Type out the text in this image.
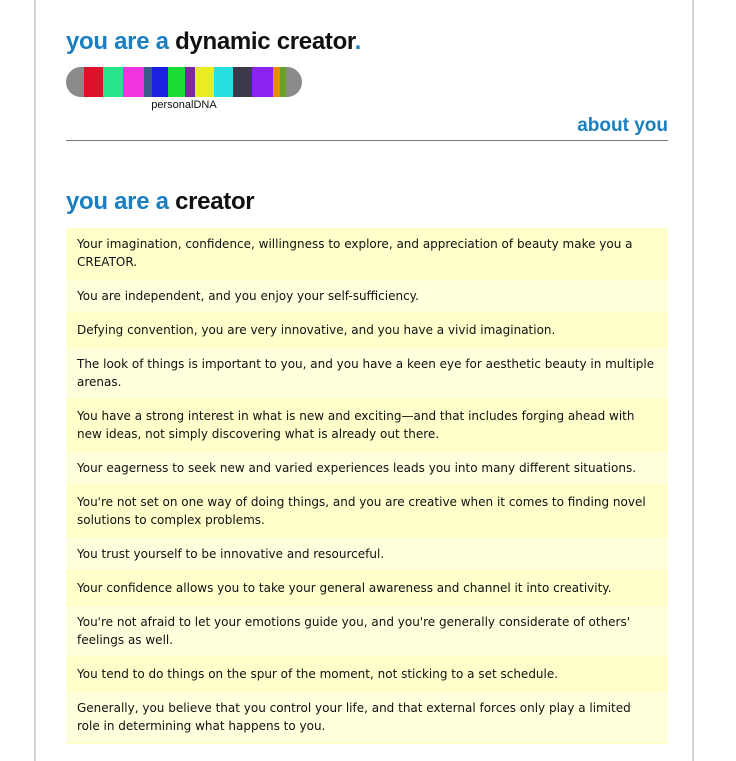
you are a dynamic creator.
personalDNA
about you
you are a creator
Your imagination, confidence, willingness to explore, and appreciation of beauty make you a CREATOR.
You are independent, and you enjoy your self-sufficiency.
Defying convention, you are very innovative, and you have a vivid imagination.
The look of things is important to you, and you have a keen eye for aesthetic beauty in multiple arenas.
You have a strong interest in what is new and exciting—and that includes forging ahead with new ideas, not simply discovering what is already out there.
Your eagerness to seek new and varied experiences leads you into many different situations.
You're not set on one way of doing things, and you are creative when it comes to finding novel solutions to complex problems.
You trust yourself to be innovative and resourceful.
Your confidence allows you to take your general awareness and channel it into creativity.
You're not afraid to let your emotions guide you, and you're generally considerate of others' feelings as well.
You tend to do things on the spur of the moment, not sticking to a set schedule.
Generally, you believe that you control your life, and that external forces only play a limited role in determining what happens to you.
